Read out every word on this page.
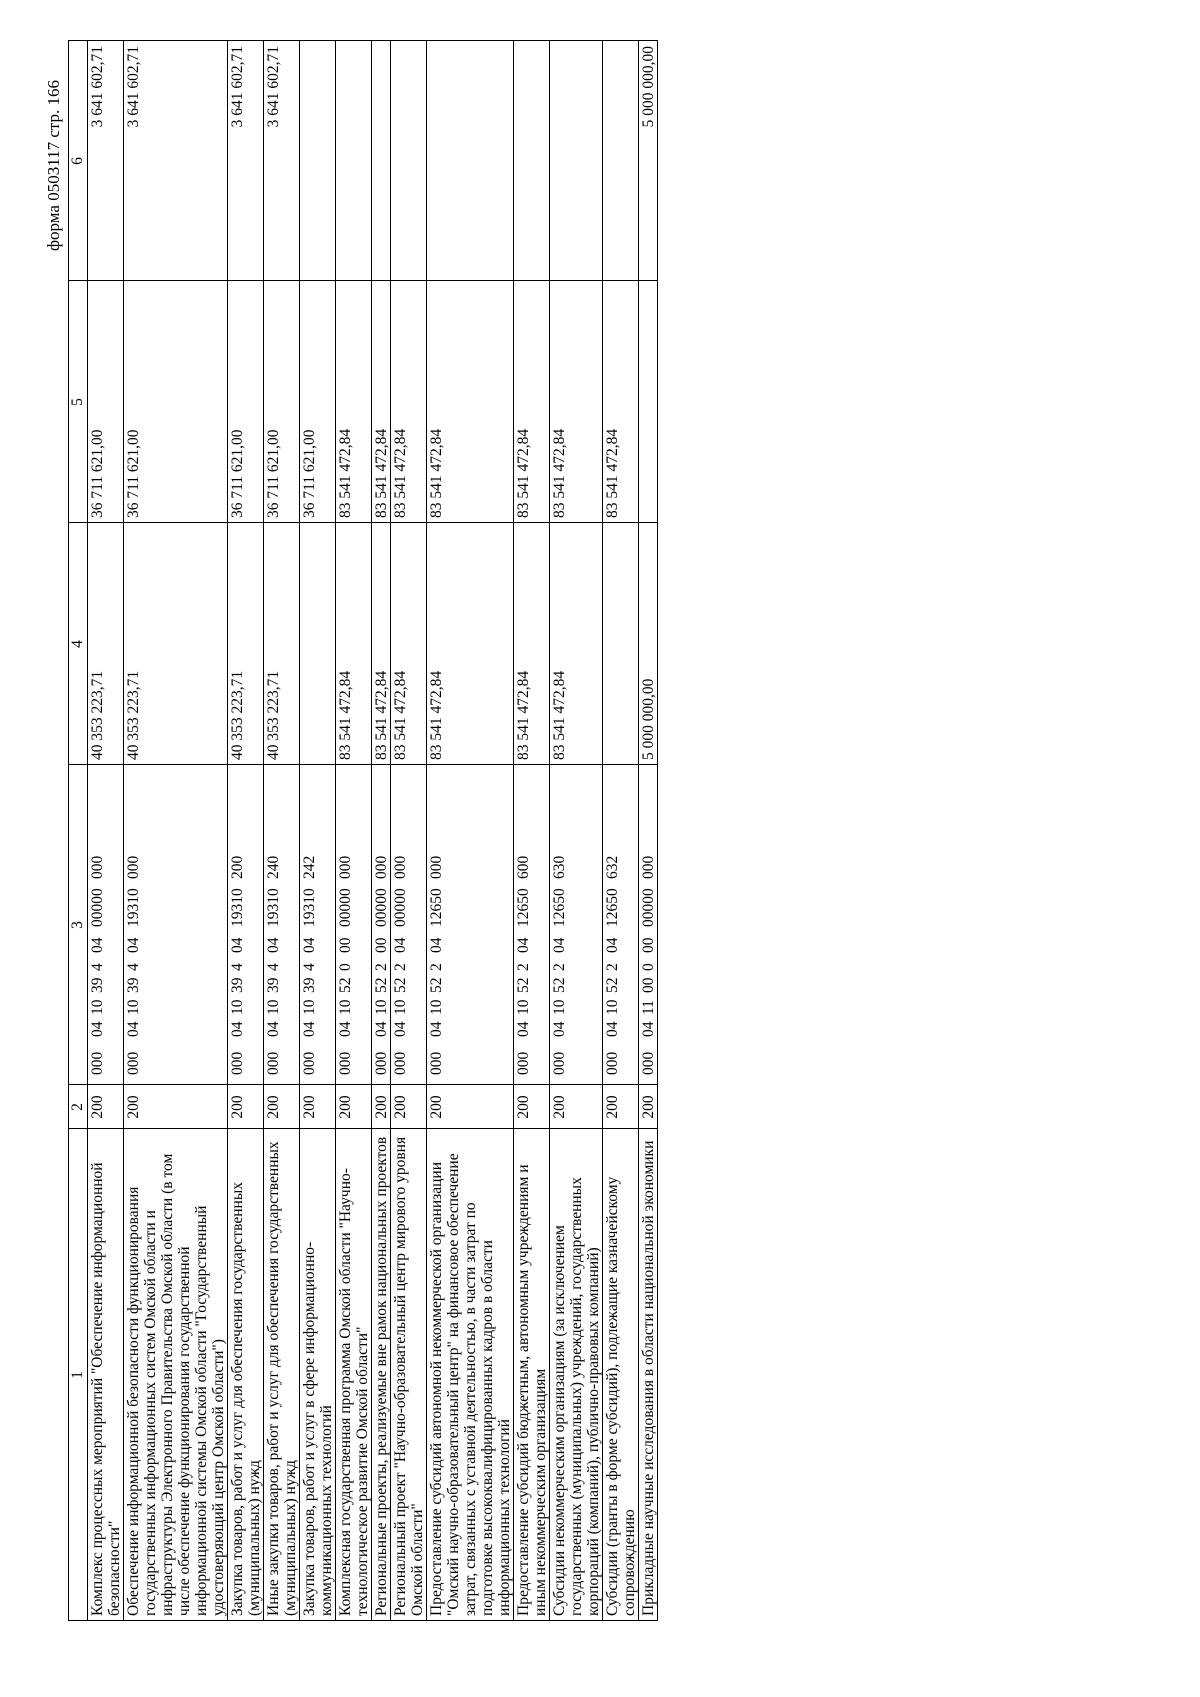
форма 0503117 стр. 166
1	2	3	4	5	6
Комплекс процессных мероприятий "Обеспечение информационной безопасности"	200	00004103940400000000	40 353 223,71	36 711 621,00	3 641 602,71
Обеспечение информационной безопасности функционирования государственных информационных систем Омской области и инфраструктуры Электронного Правительства Омской области (в том числе обеспечение функционирования государственной информационной системы Омской области "Государственный удостоверяющий центр Омской области")	200	00004103940419310000	40 353 223,71	36 711 621,00	3 641 602,71
Закупка товаров, работ и услуг для обеспечения государственных (муниципальных) нужд	200	00004103940419310200	40 353 223,71	36 711 621,00	3 641 602,71
Иные закупки товаров, работ и услуг для обеспечения государственных (муниципальных) нужд	200	00004103940419310240	40 353 223,71	36 711 621,00	3 641 602,71
Закупка товаров, работ и услуг в сфере информационно-коммуникационных технологий	200	00004103940419310242		36 711 621,00	
Комплексная государственная программа Омской области "Научно-технологическое развитие Омской области"	200	00004105200000000000	83 541 472,84	83 541 472,84	
Региональные проекты, реализуемые вне рамок национальных проектов	200	00004105220000000000	83 541 472,84	83 541 472,84	
Региональный проект "Научно-образовательный центр мирового уровня Омской области"	200	00004105220400000000	83 541 472,84	83 541 472,84	
Предоставление субсидий автономной некоммерческой организации "Омский научно-образовательный центр" на финансовое обеспечение затрат, связанных с уставной деятельностью, в части затрат по подготовке высококвалифицированных кадров в области информационных технологий	200	00004105220412650000	83 541 472,84	83 541 472,84	
Предоставление субсидий бюджетным, автономным учреждениям и иным некоммерческим организациям	200	00004105220412650600	83 541 472,84	83 541 472,84	
Субсидии некоммерческим организациям (за исключением государственных (муниципальных) учреждений, государственных корпораций (компаний), публично-правовых компаний)	200	00004105220412650630	83 541 472,84	83 541 472,84	
Субсидии (гранты в форме субсидий), подлежащие казначейскому сопровождению	200	00004105220412650632		83 541 472,84	
Прикладные научные исследования в области национальной экономики	200	00004110000000000000	5 000 000,00		5 000 000,00
